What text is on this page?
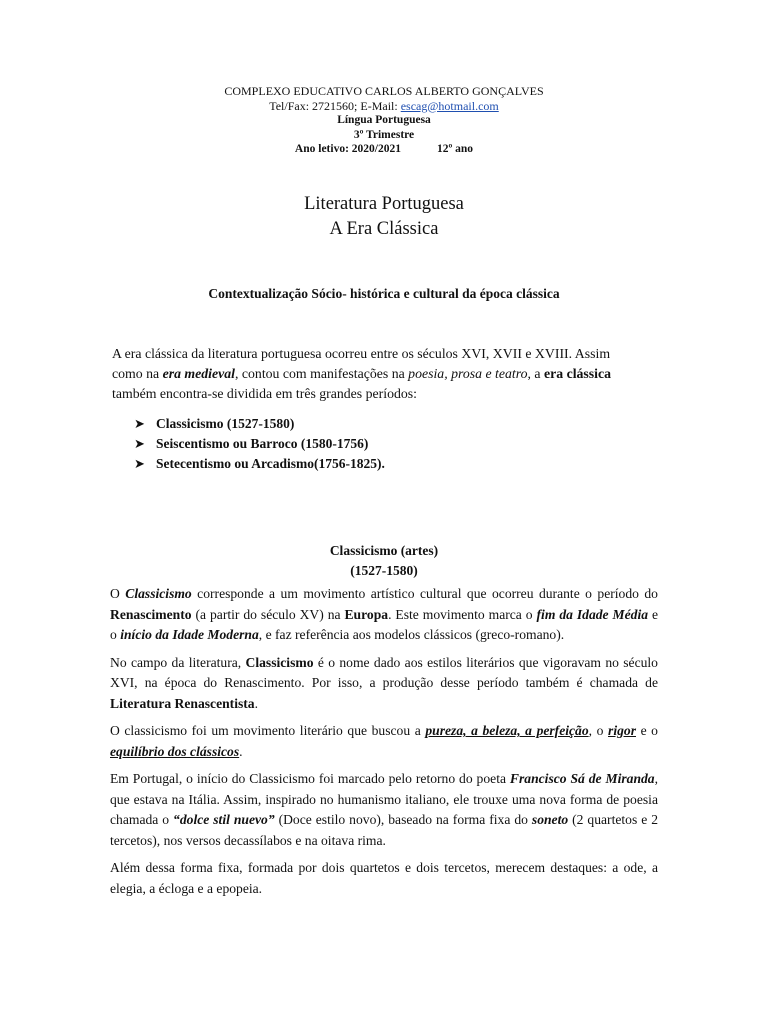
COMPLEXO EDUCATIVO CARLOS ALBERTO GONÇALVES
Tel/Fax: 2721560; E-Mail: escag@hotmail.com
Língua Portuguesa
3º Trimestre
Ano letivo: 2020/2021	12º ano
Literatura Portuguesa
A Era Clássica
Contextualização Sócio- histórica e cultural da época clássica

A era clássica da literatura portuguesa ocorreu entre os séculos XVI, XVII e XVIII. Assim como na era medieval, contou com manifestações na poesia, prosa e teatro, a era clássica também encontra-se dividida em três grandes períodos:

➤ Classicismo (1527-1580)
➤ Seiscentismo ou Barroco (1580-1756)
➤ Setecentismo ou Arcadismo(1756-1825).
Classicismo (artes)
(1527-1580)

O Classicismo corresponde a um movimento artístico cultural que ocorreu durante o período do Renascimento (a partir do século XV) na Europa. Este movimento marca o fim da Idade Média e o início da Idade Moderna, e faz referência aos modelos clássicos (greco-romano).

No campo da literatura, Classicismo é o nome dado aos estilos literários que vigoravam no século XVI, na época do Renascimento. Por isso, a produção desse período também é chamada de Literatura Renascentista.

O classicismo foi um movimento literário que buscou a pureza, a beleza, a perfeição, o rigor e o equilíbrio dos clássicos.

Em Portugal, o início do Classicismo foi marcado pelo retorno do poeta Francisco Sá de Miranda, que estava na Itália. Assim, inspirado no humanismo italiano, ele trouxe uma nova forma de poesia chamada o “dolce stil nuevo” (Doce estilo novo), baseado na forma fixa do soneto (2 quartetos e 2 tercetos), nos versos decassílabos e na oitava rima.

Além dessa forma fixa, formada por dois quartetos e dois tercetos, merecem destaques: a ode, a elegia, a écloga e a epopeia.
